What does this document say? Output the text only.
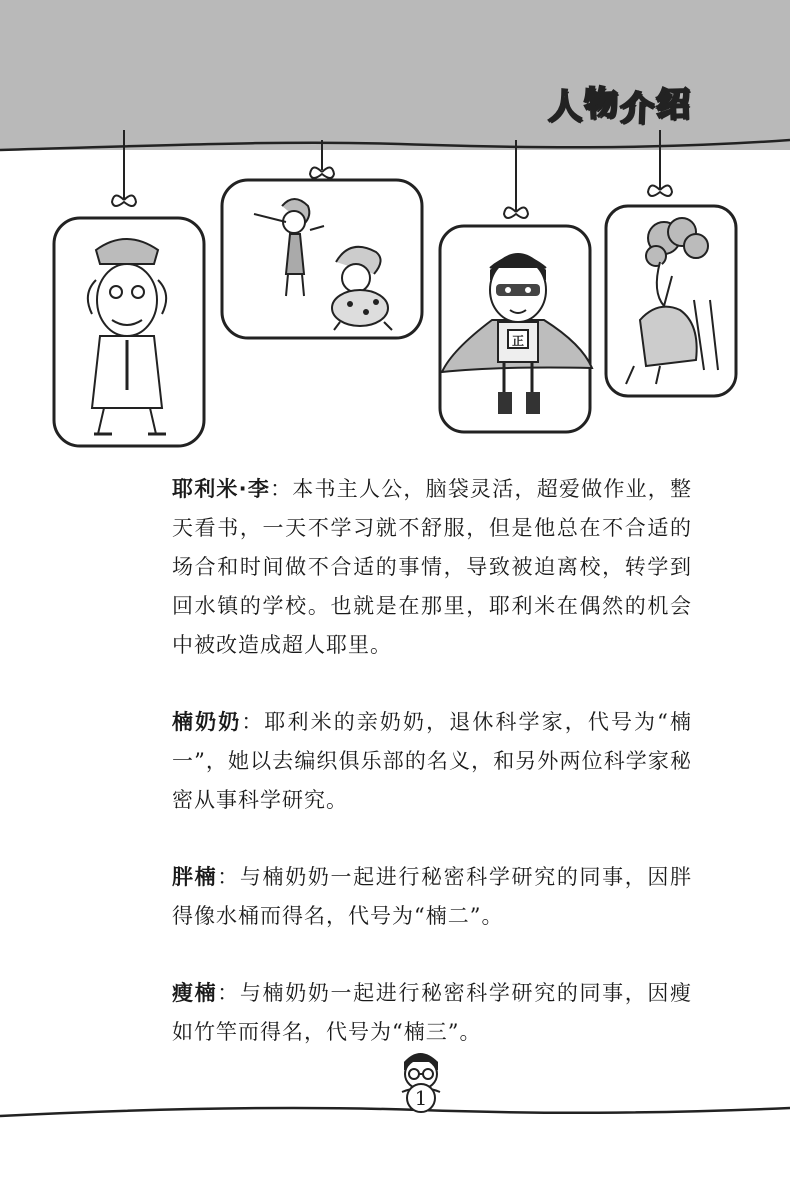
人 物 介 绍
正

耶利米·李：本书主人公，脑袋灵活，超爱做作业，整天看书，一天不学习就不舒服，但是他总在不合适的场合和时间做不合适的事情，导致被迫离校，转学到回水镇的学校。也就是在那里，耶利米在偶然的机会中被改造成超人耶里。

楠奶奶：耶利米的亲奶奶，退休科学家，代号为“楠一”，她以去编织俱乐部的名义，和另外两位科学家秘密从事科学研究。

胖楠：与楠奶奶一起进行秘密科学研究的同事，因胖得像水桶而得名，代号为“楠二”。

瘦楠：与楠奶奶一起进行秘密科学研究的同事，因瘦如竹竿而得名，代号为“楠三”。

1
